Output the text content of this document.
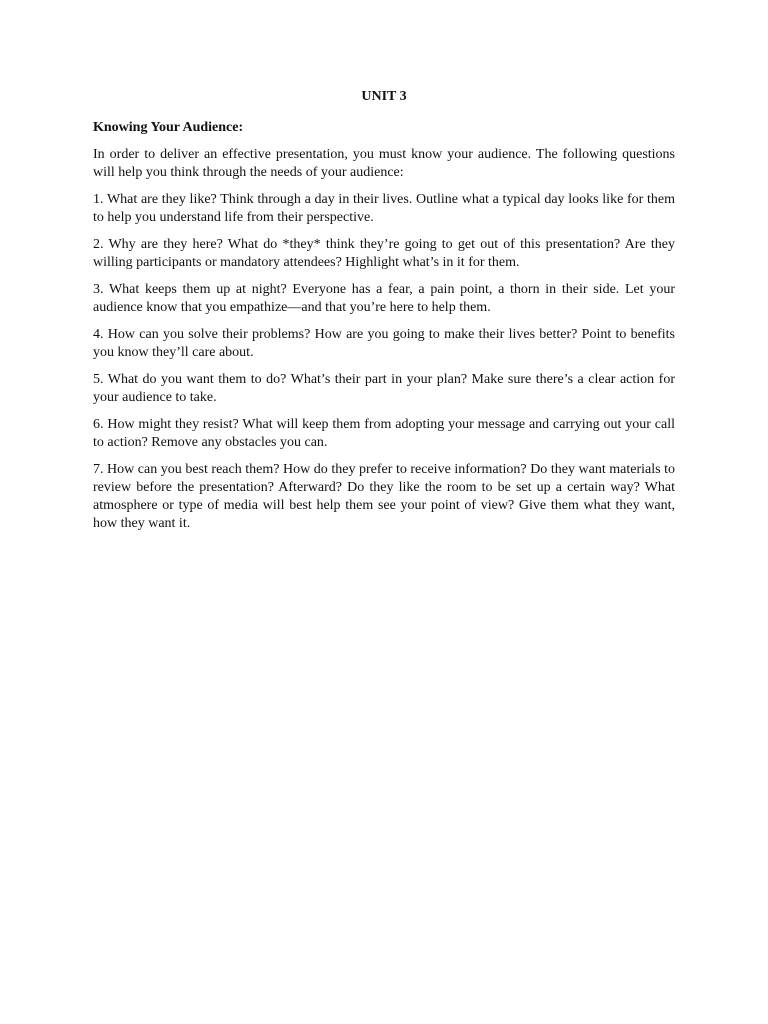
UNIT 3
Knowing Your Audience:

In order to deliver an effective presentation, you must know your audience. The following questions will help you think through the needs of your audience:

1. What are they like? Think through a day in their lives. Outline what a typical day looks like for them to help you understand life from their perspective.

2. Why are they here? What do *they* think they’re going to get out of this presentation? Are they willing participants or mandatory attendees? Highlight what’s in it for them.

3. What keeps them up at night? Everyone has a fear, a pain point, a thorn in their side. Let your audience know that you empathize—and that you’re here to help them.

4. How can you solve their problems? How are you going to make their lives better? Point to benefits you know they’ll care about.

5. What do you want them to do? What’s their part in your plan? Make sure there’s a clear action for your audience to take.

6. How might they resist? What will keep them from adopting your message and carrying out your call to action? Remove any obstacles you can.

7. How can you best reach them? How do they prefer to receive information? Do they want materials to review before the presentation? Afterward? Do they like the room to be set up a certain way? What atmosphere or type of media will best help them see your point of view? Give them what they want, how they want it.
